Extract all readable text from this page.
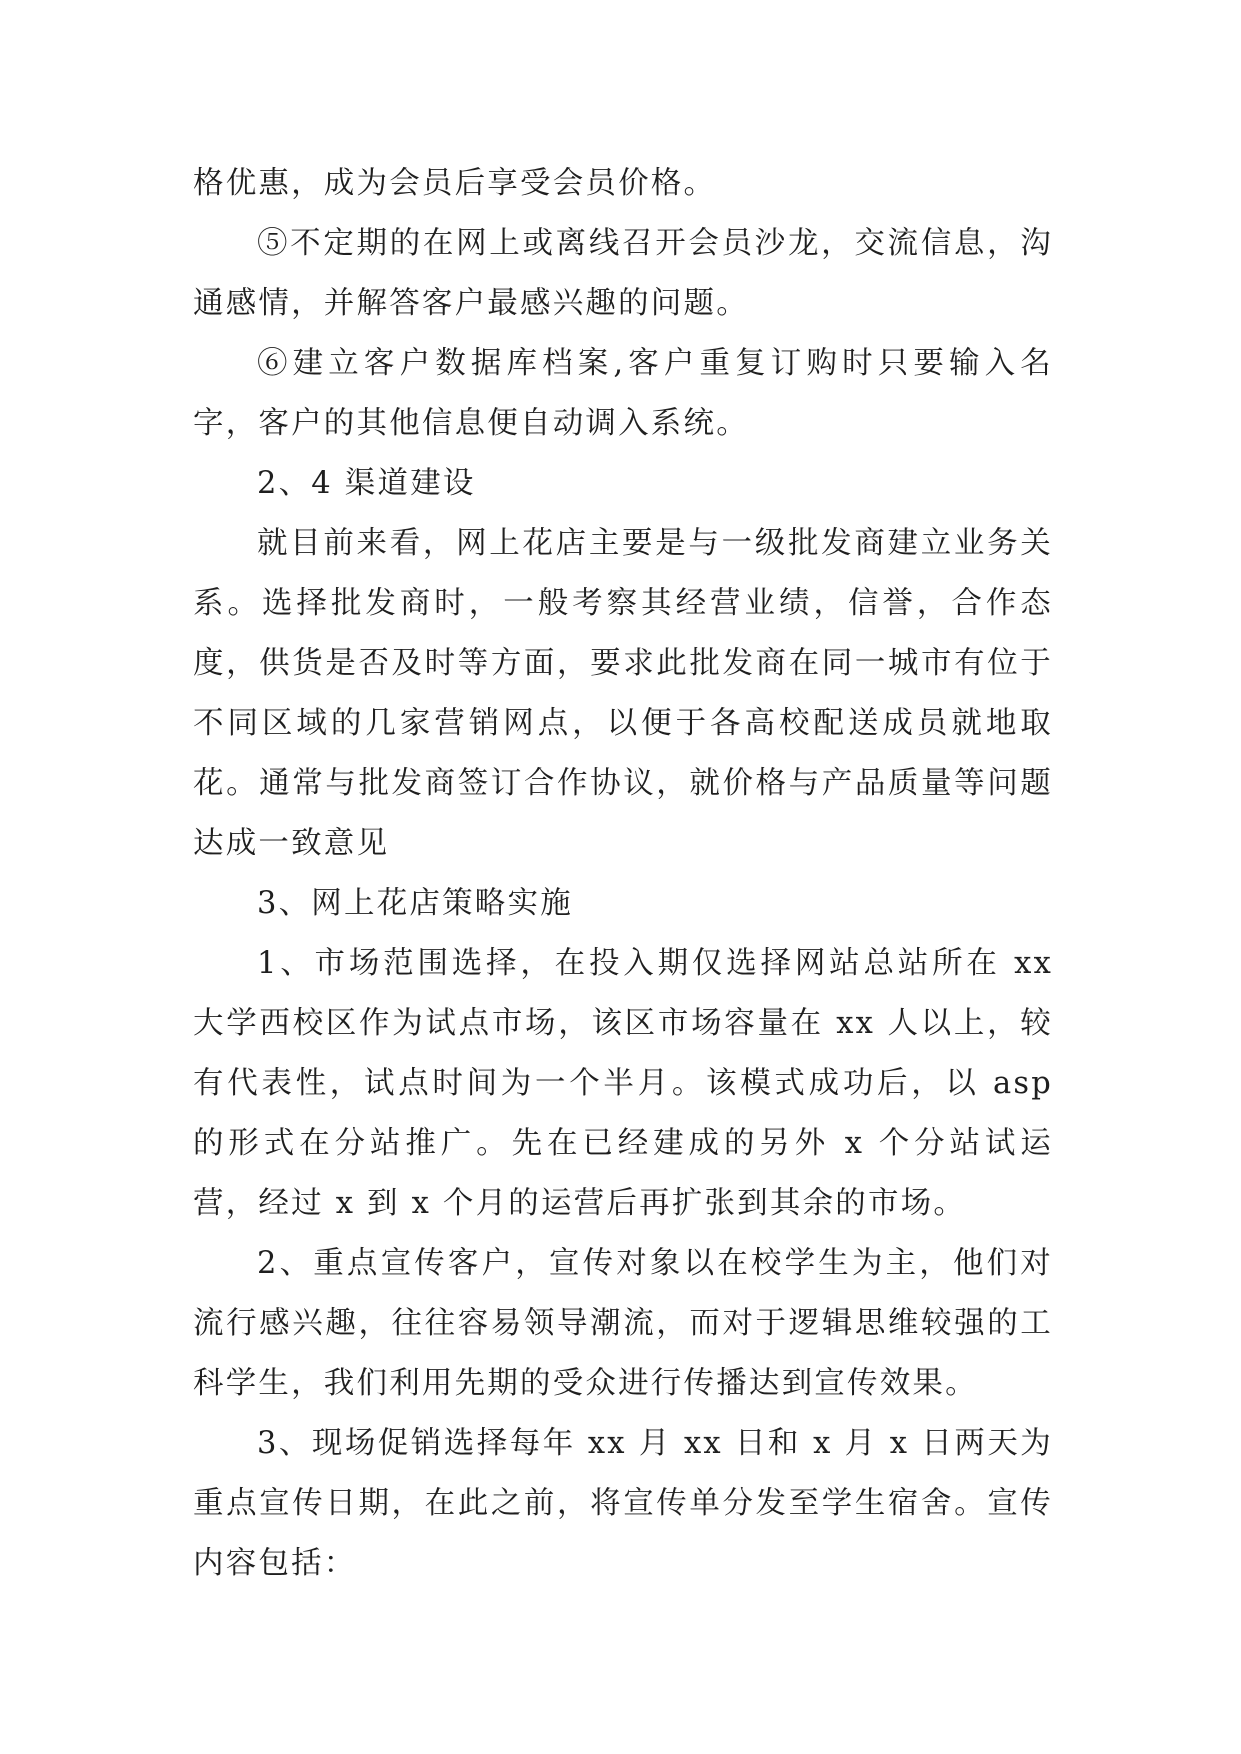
格优惠，成为会员后享受会员价格。

⑤不定期的在网上或离线召开会员沙龙，交流信息，沟通感情，并解答客户最感兴趣的问题。

⑥建立客户数据库档案,客户重复订购时只要输入名字，客户的其他信息便自动调入系统。

2、4 渠道建设

就目前来看，网上花店主要是与一级批发商建立业务关系。选择批发商时，一般考察其经营业绩，信誉，合作态度，供货是否及时等方面，要求此批发商在同一城市有位于不同区域的几家营销网点，以便于各高校配送成员就地取花。通常与批发商签订合作协议，就价格与产品质量等问题达成一致意见

3、网上花店策略实施

1、市场范围选择，在投入期仅选择网站总站所在 xx 大学西校区作为试点市场，该区市场容量在 xx 人以上，较有代表性，试点时间为一个半月。该模式成功后，以 asp 的形式在分站推广。先在已经建成的另外 x 个分站试运营，经过 x 到 x 个月的运营后再扩张到其余的市场。

2、重点宣传客户，宣传对象以在校学生为主，他们对流行感兴趣，往往容易领导潮流，而对于逻辑思维较强的工科学生，我们利用先期的受众进行传播达到宣传效果。

3、现场促销选择每年 xx 月 xx 日和 x 月 x 日两天为重点宣传日期，在此之前，将宣传单分发至学生宿舍。宣传内容包括：
